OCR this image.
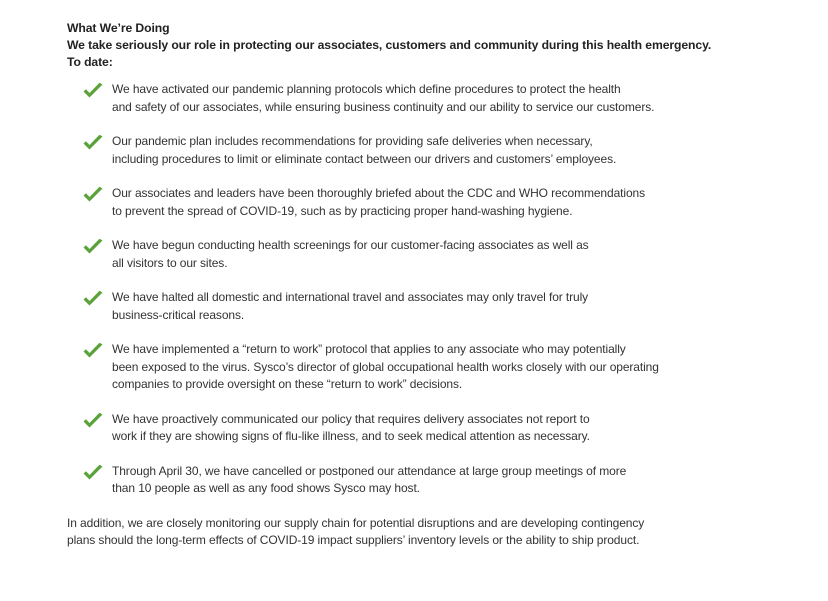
What We’re Doing
We take seriously our role in protecting our associates, customers and community during this health emergency.
To date:
We have activated our pandemic planning protocols which define procedures to protect the health
and safety of our associates, while ensuring business continuity and our ability to service our customers.
Our pandemic plan includes recommendations for providing safe deliveries when necessary,
including procedures to limit or eliminate contact between our drivers and customers’ employees.
Our associates and leaders have been thoroughly briefed about the CDC and WHO recommendations
to prevent the spread of COVID-19, such as by practicing proper hand-washing hygiene.
We have begun conducting health screenings for our customer-facing associates as well as
all visitors to our sites.
We have halted all domestic and international travel and associates may only travel for truly
business-critical reasons.
We have implemented a “return to work” protocol that applies to any associate who may potentially
been exposed to the virus. Sysco’s director of global occupational health works closely with our operating
companies to provide oversight on these “return to work” decisions.
We have proactively communicated our policy that requires delivery associates not report to
work if they are showing signs of flu-like illness, and to seek medical attention as necessary.
Through April 30, we have cancelled or postponed our attendance at large group meetings of more
than 10 people as well as any food shows Sysco may host.
In addition, we are closely monitoring our supply chain for potential disruptions and are developing contingency
plans should the long-term effects of COVID-19 impact suppliers’ inventory levels or the ability to ship product.
